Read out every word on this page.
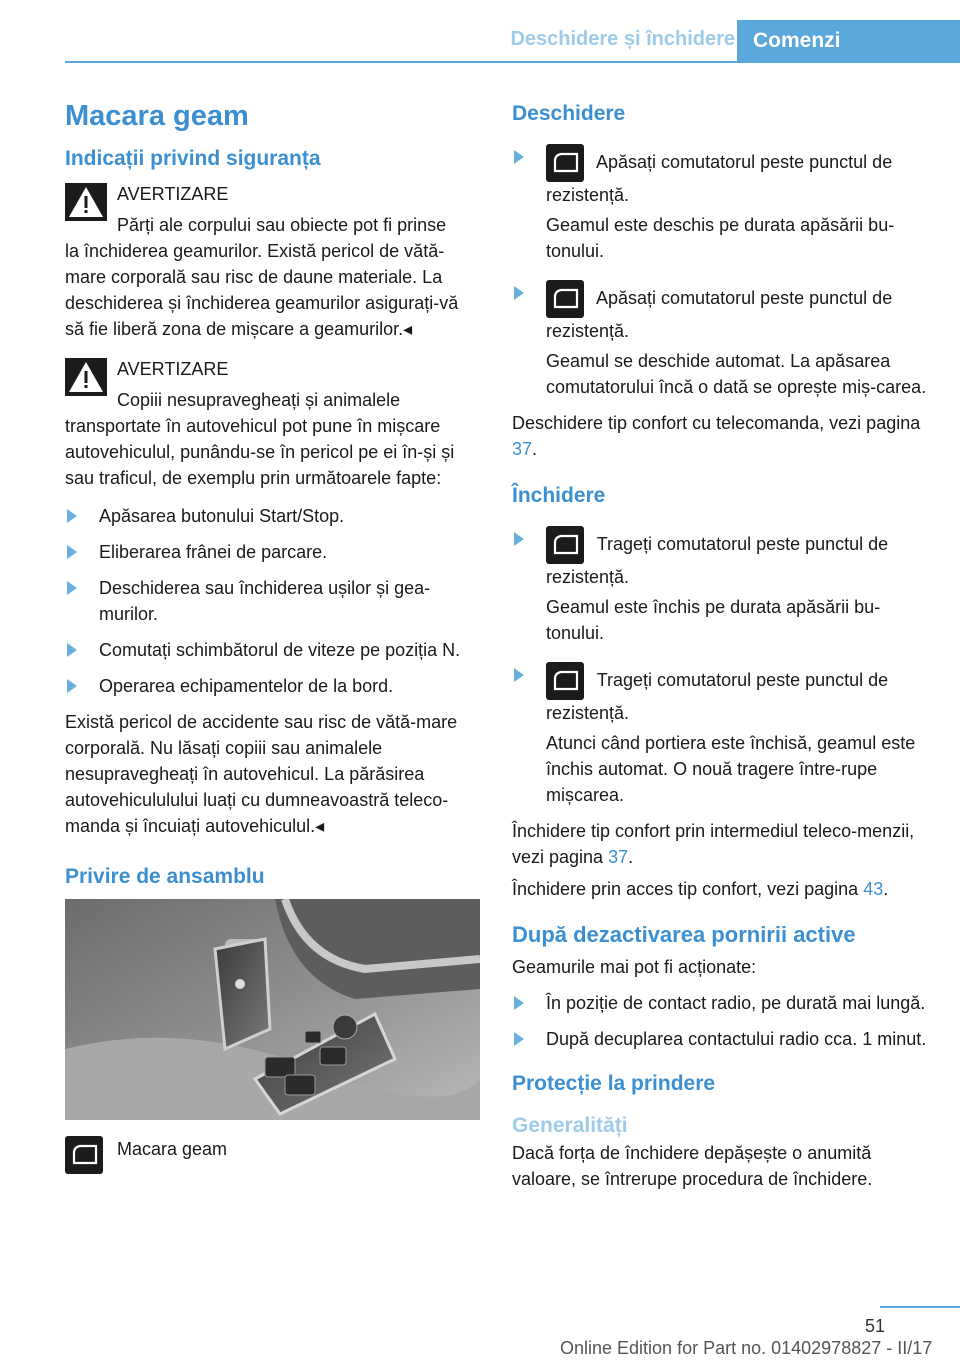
Deschidere și închidere Comenzi
Macara geam
Indicații privind siguranța
AVERTIZARE
Părți ale corpului sau obiecte pot fi prinse
la închiderea geamurilor. Există pericol de vătă-mare corporală sau risc de daune materiale. La deschiderea și închiderea geamurilor asigurați-vă să fie liberă zona de mișcare a geamurilor.◂
AVERTIZARE
Copiii nesupravegheați și animalele
transportate în autovehicul pot pune în mișcare autovehiculul, punându-se în pericol pe ei în-și și sau traficul, de exemplu prin următoarele fapte:
Apăsarea butonului Start/Stop.
Eliberarea frânei de parcare.
Deschiderea sau închiderea ușilor și gea-murilor.
Comutați schimbătorul de viteze pe poziția N.
Operarea echipamentelor de la bord.
Există pericol de accidente sau risc de vătă-mare corporală. Nu lăsați copiii sau animalele nesupravegheați în autovehicul. La părăsirea autovehicululului luați cu dumneavoastră teleco-manda și încuiați autovehiculul.◂
Privire de ansamblu
Macara geam
Deschidere
Apăsați comutatorul peste punctul de rezistență.
Geamul este deschis pe durata apăsării bu-tonului.
Apăsați comutatorul peste punctul de rezistență.
Geamul se deschide automat. La apăsarea comutatorului încă o dată se oprește miș-carea.
Deschidere tip confort cu telecomanda, vezi pagina 37.
Închidere
Trageți comutatorul peste punctul de rezistență.
Geamul este închis pe durata apăsării bu-tonului.
Trageți comutatorul peste punctul de rezistență.
Atunci când portiera este închisă, geamul este închis automat. O nouă tragere între-rupe mișcarea.
Închidere tip confort prin intermediul teleco-menzii, vezi pagina 37.
Închidere prin acces tip confort, vezi pagina 43.
După dezactivarea pornirii active
Geamurile mai pot fi acționate:
În poziție de contact radio, pe durată mai lungă.
După decuplarea contactului radio cca. 1 minut.
Protecție la prindere
Generalități
Dacă forța de închidere depășește o anumită valoare, se întrerupe procedura de închidere.
51
Online Edition for Part no. 01402978827 - II/17
